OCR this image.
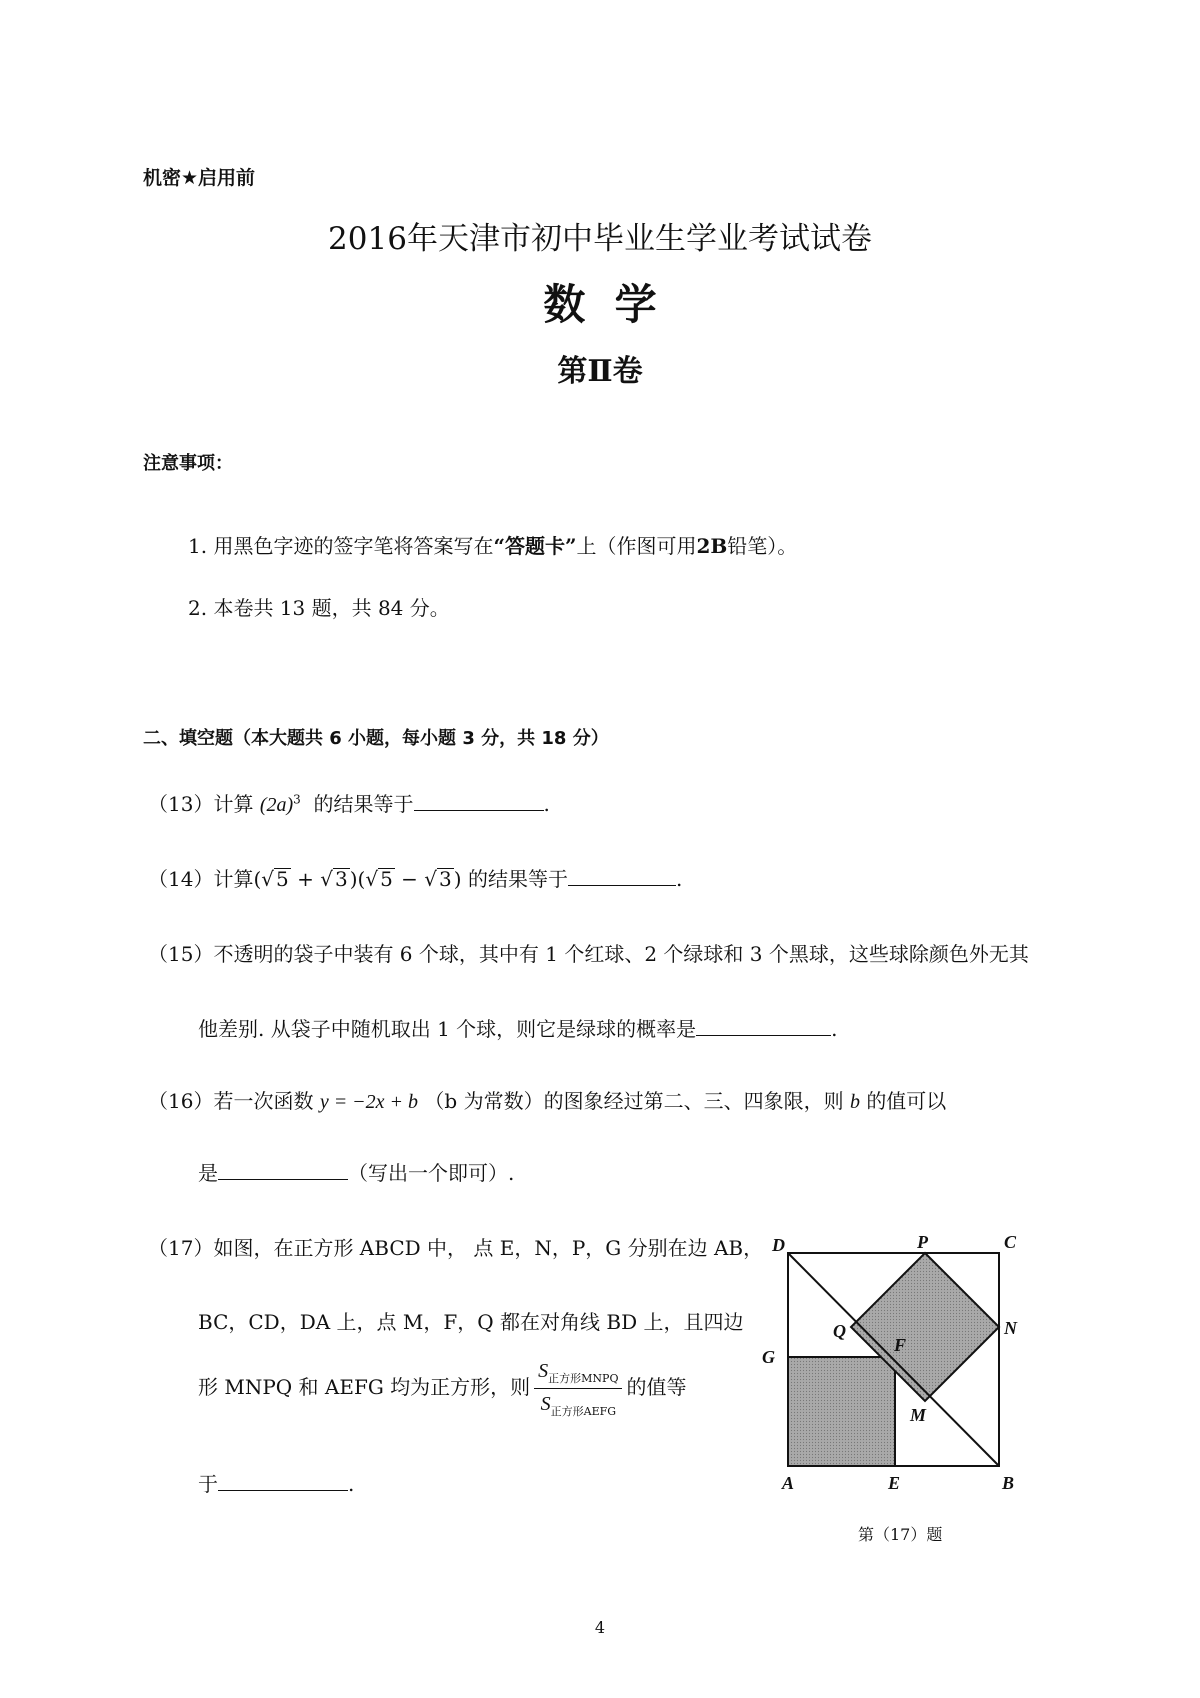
机密★启用前
2016年天津市初中毕业生学业考试试卷
数  学
第Ⅱ卷
注意事项：
1. 用黑色字迹的签字笔将答案写在“答题卡”上（作图可用2B铅笔）。
2. 本卷共 13 题，共 84 分。
二、填空题（本大题共 6 小题，每小题 3 分，共 18 分）
（13）计算 $(2a)^3$ 的结果等于	.
（14）计算(√ 5 + √ 3 )(√ 5 − √ 3 ) 的结果等于	.
（15）不透明的袋子中装有 6 个球，其中有 1 个红球、2 个绿球和 3 个黑球，这些球除颜色外无其
他差别. 从袋子中随机取出 1 个球，则它是绿球的概率是	.
（16）若一次函数 y = −2x + b （b 为常数）的图象经过第二、三、四象限，则 b 的值可以
是	（写出一个即可）.
（17）如图，在正方形 ABCD 中， 点 E，N，P，G 分别在边 AB，
BC，CD，DA 上，点 M，F，Q 都在对角线 BD 上，且四边
形 MNPQ 和 AEFG 均为正方形，则 $\frac{S_{正方形MNPQ}}{S_{正方形AEFG}}$ 的值等
于	.	A	B
C
D
E
F
G
M
N
P
Q
第（17）题
4
